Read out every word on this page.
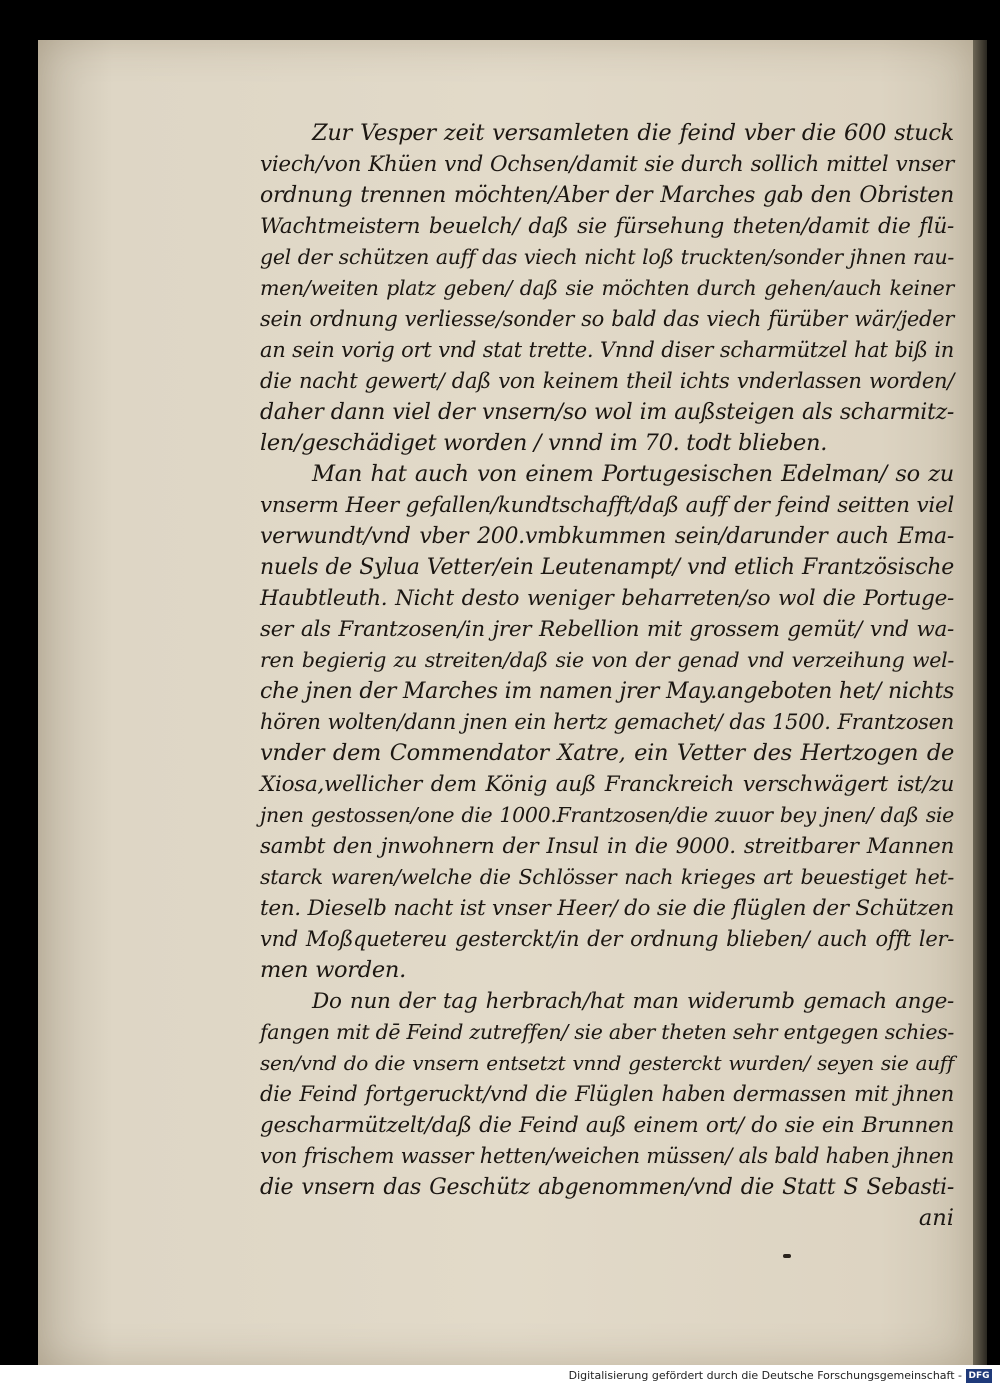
Zur Vesper zeit versamleten die feind vber die 600 stuck
viech/von Khüen vnd Ochsen/damit sie durch sollich mittel vnser
ordnung trennen möchten/Aber der Marches gab den Obristen
Wachtmeistern beuelch/ daß sie fürsehung theten/damit die flü-
gel der schützen auff das viech nicht loß truckten/sonder jhnen rau-
men/weiten platz geben/ daß sie möchten durch gehen/auch keiner
sein ordnung verliesse/sonder so bald das viech fürüber wär/jeder
an sein vorig ort vnd stat trette. Vnnd diser scharmützel hat biß in
die nacht gewert/ daß von keinem theil ichts vnderlassen worden/
daher dann viel der vnsern/so wol im außsteigen als scharmitz-
len/geschädiget worden / vnnd im 70. todt blieben.
Man hat auch von einem Portugesischen Edelman/ so zu
vnserm Heer gefallen/kundtschafft/daß auff der feind seitten viel
verwundt/vnd vber 200.vmbkummen sein/darunder auch Ema-
nuels de Sylua Vetter/ein Leutenampt/ vnd etlich Frantzösische
Haubtleuth. Nicht desto weniger beharreten/so wol die Portuge-
ser als Frantzosen/in jrer Rebellion mit grossem gemüt/ vnd wa-
ren begierig zu streiten/daß sie von der genad vnd verzeihung wel-
che jnen der Marches im namen jrer May.angeboten het/ nichts
hören wolten/dann jnen ein hertz gemachet/ das 1500. Frantzosen
vnder dem Commendator Xatre, ein Vetter des Hertzogen de
Xiosa,wellicher dem König auß Franckreich verschwägert ist/zu
jnen gestossen/one die 1000.Frantzosen/die zuuor bey jnen/ daß sie
sambt den jnwohnern der Insul in die 9000. streitbarer Mannen
starck waren/welche die Schlösser nach krieges art beuestiget het-
ten. Dieselb nacht ist vnser Heer/ do sie die flüglen der Schützen
vnd Moßquetereu gesterckt/in der ordnung blieben/ auch offt ler-
men worden.
Do nun der tag herbrach/hat man widerumb gemach ange-
fangen mit dē Feind zutreffen/ sie aber theten sehr entgegen schies-
sen/vnd do die vnsern entsetzt vnnd gesterckt wurden/ seyen sie auff
die Feind fortgeruckt/vnd die Flüglen haben dermassen mit jhnen
gescharmützelt/daß die Feind auß einem ort/ do sie ein Brunnen
von frischem wasser hetten/weichen müssen/ als bald haben jhnen
die vnsern das Geschütz abgenommen/vnd die Statt S Sebasti-
ani
Digitalisierung gefördert durch die Deutsche Forschungsgemeinschaft - DFG
